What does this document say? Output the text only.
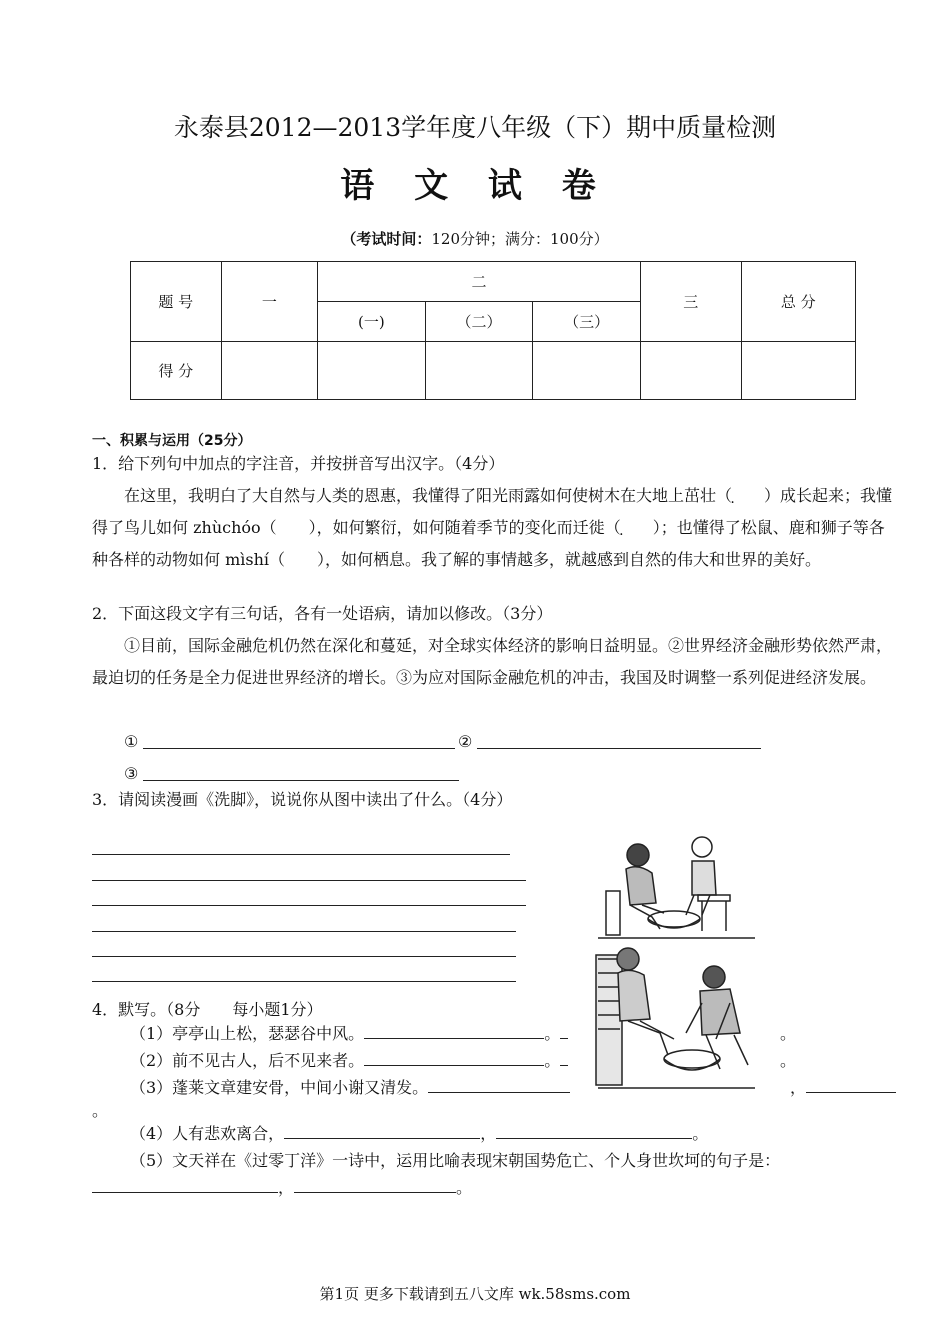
永泰县2012—2013学年度八年级（下）期中质量检测
语 文 试 卷
（考试时间：120分钟；满分：100分）
题 号	一	二			三	总 分
		(一)	（二）	（三）		
得 分						
一、积累与运用（25分）
1．给下列句中加点的字注音，并按拼音写出汉字。（4分）
在这里，我明白了大自然与人类的恩惠，我懂得了阳光雨露如何使树木在大地上茁壮 ·（　　）成长起来；我懂得了鸟儿如何 zhùchóo（　　），如何繁衍，如何随着季节的变化而迁徙 ·（　　）；也懂得了松鼠、鹿和狮子等各种各样的动物如何 mìshí（　　），如何栖息。我了解的事情越多，就越感到自然的伟大和世界的美好。
2．下面这段文字有三句话，各有一处语病，请加以修改。（3分）
①目前，国际金融危机仍然在深化和蔓延，对全球实体经济的影响日益明显。②世界经济金融形势依然严肃，最迫切的任务是全力促进世界经济的增长。③为应对国际金融危机的冲击，我国及时调整一系列促进经济发展。
①	②
③
3．请阅读漫画《洗脚》，说说你从图中读出了什么。（4分）
4．默写。（8分　　每小题1分）
（1）亭亭山上松，瑟瑟谷中风。	。	。
（2）前不见古人，后不见来者。	。	。
（3）蓬莱文章建安骨，中间小谢又清发。	，
。
（4）人有悲欢离合，	，	。
（5）文天祥在《过零丁洋》一诗中，运用比喻表现宋朝国势危亡、个人身世坎坷的句子是：
，	。
第1页 更多下载请到五八文库 wk.58sms.com
